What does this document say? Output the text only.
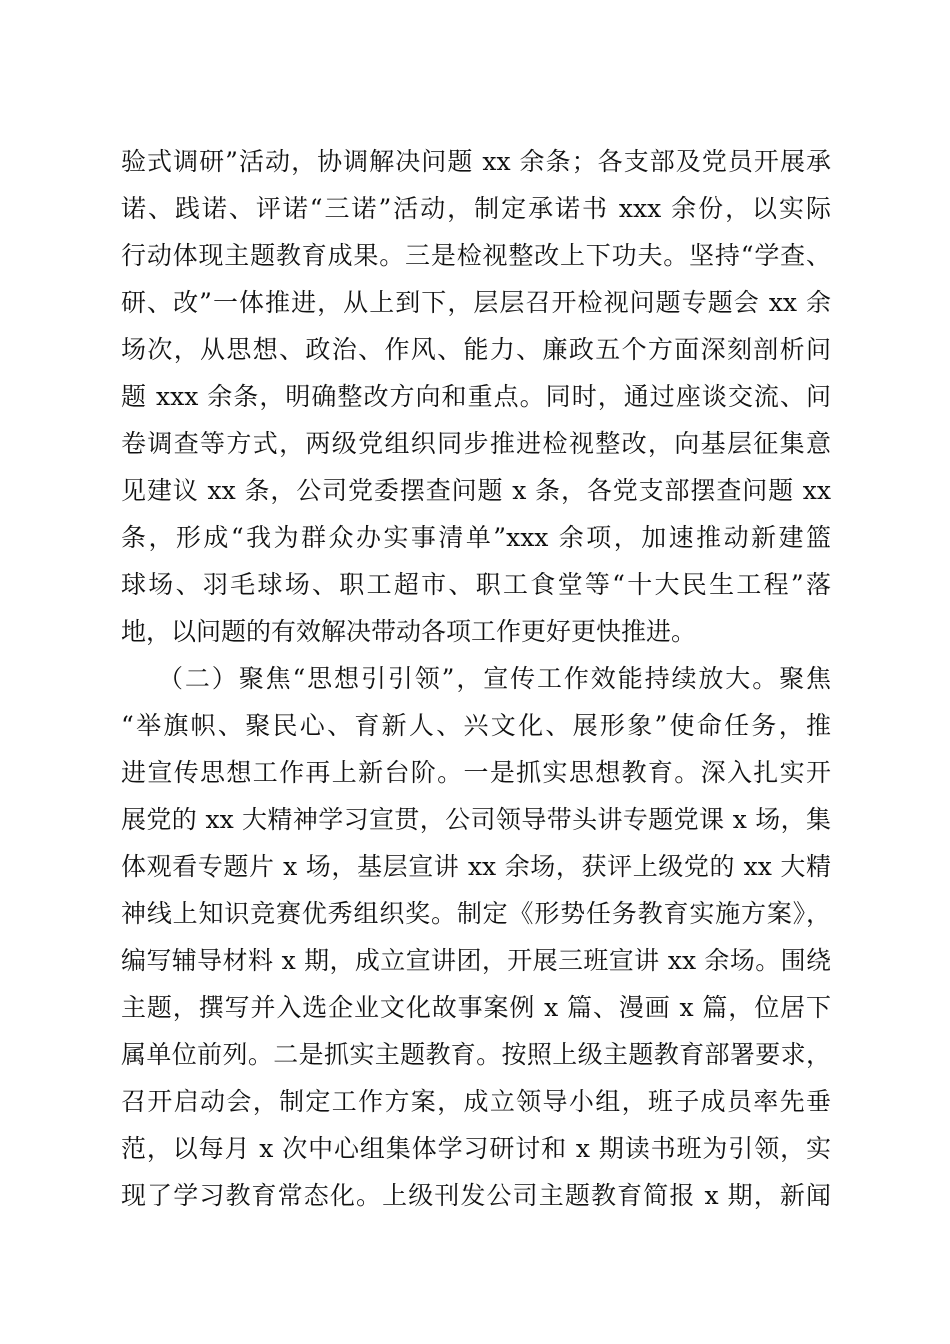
验式调研”活动，协调解决问题 xx 余条；各支部及党员开展承
诺、践诺、评诺“三诺”活动，制定承诺书 xxx 余份，以实际
行动体现主题教育成果。三是检视整改上下功夫。坚持“学查、
研、改”一体推进，从上到下，层层召开检视问题专题会 xx 余
场次，从思想、政治、作风、能力、廉政五个方面深刻剖析问
题 xxx 余条，明确整改方向和重点。同时，通过座谈交流、问
卷调查等方式，两级党组织同步推进检视整改，向基层征集意
见建议 xx 条，公司党委摆查问题 x 条，各党支部摆查问题 xx
条，形成“我为群众办实事清单”xxx 余项，加速推动新建篮
球场、羽毛球场、职工超市、职工食堂等“十大民生工程”落
地，以问题的有效解决带动各项工作更好更快推进。
（二）聚焦“思想引引领”，宣传工作效能持续放大。聚焦
“举旗帜、聚民心、育新人、兴文化、展形象”使命任务，推
进宣传思想工作再上新台阶。一是抓实思想教育。深入扎实开
展党的 xx 大精神学习宣贯，公司领导带头讲专题党课 x 场，集
体观看专题片 x 场，基层宣讲 xx 余场，获评上级党的 xx 大精
神线上知识竞赛优秀组织奖。制定《形势任务教育实施方案》，
编写辅导材料 x 期，成立宣讲团，开展三班宣讲 xx 余场。围绕
主题，撰写并入选企业文化故事案例 x 篇、漫画 x 篇，位居下
属单位前列。二是抓实主题教育。按照上级主题教育部署要求，
召开启动会，制定工作方案，成立领导小组，班子成员率先垂
范，以每月 x 次中心组集体学习研讨和 x 期读书班为引领，实
现了学习教育常态化。上级刊发公司主题教育简报 x 期，新闻
